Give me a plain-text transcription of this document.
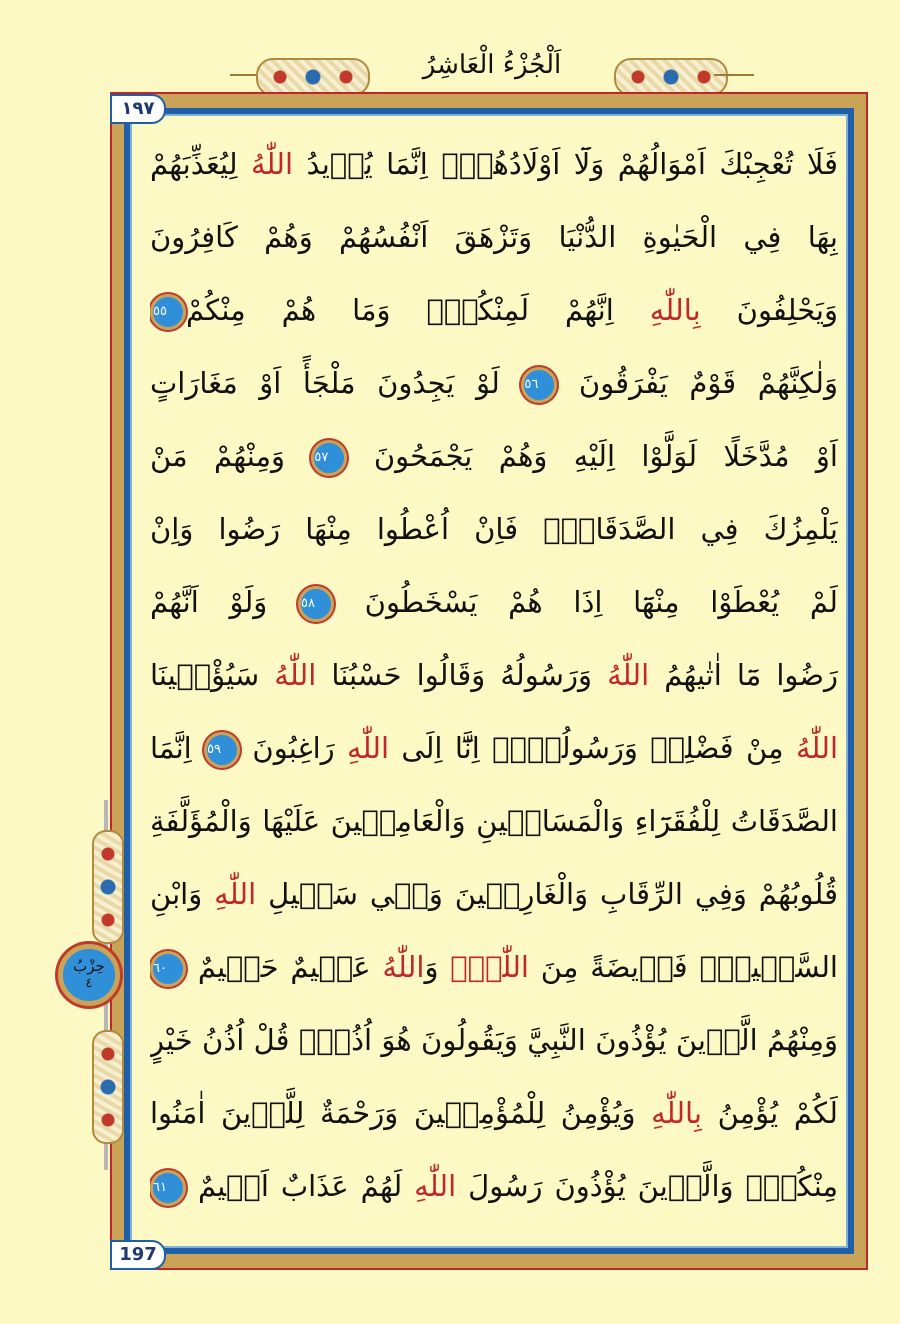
اَلْجُزْءُ الْعَاشِرُ
١٩٧
197
حِزْبُ
٤
فَلَا تُعْجِبْكَ اَمْوَالُهُمْ وَلَٓا اَوْلَادُهُمْۜ اِنَّمَا يُر۪يدُ اللّٰهُ لِيُعَذِّبَهُمْ
بِهَا فِي الْحَيٰوةِ الدُّنْيَا وَتَزْهَقَ اَنْفُسُهُمْ وَهُمْ كَافِرُونَ
وَيَحْلِفُونَ بِاللّٰهِ اِنَّهُمْ لَمِنْكُمْۜ وَمَا هُمْ مِنْكُمْ٥٥
وَلٰكِنَّهُمْ قَوْمٌ يَفْرَقُونَ ٥٦ لَوْ يَجِدُونَ مَلْجَأً اَوْ مَغَارَاتٍ
اَوْ مُدَّخَلًا لَوَلَّوْا اِلَيْهِ وَهُمْ يَجْمَحُونَ ٥٧ وَمِنْهُمْ مَنْ
يَلْمِزُكَ فِي الصَّدَقَاتِۚ فَاِنْ اُعْطُوا مِنْهَا رَضُوا وَاِنْ
لَمْ يُعْطَوْا مِنْهَٓا اِذَا هُمْ يَسْخَطُونَ ٥٨ وَلَوْ اَنَّهُمْ
رَضُوا مَٓا اٰتٰيهُمُ اللّٰهُ وَرَسُولُهُ وَقَالُوا حَسْبُنَا اللّٰهُ سَيُؤْت۪ينَا
اللّٰهُ مِنْ فَضْلِه۪ وَرَسُولُهُٓۙ اِنَّٓا اِلَى اللّٰهِ رَاغِبُونَ ٥٩ اِنَّمَا
الصَّدَقَاتُ لِلْفُقَرَٓاءِ وَالْمَسَاك۪ينِ وَالْعَامِل۪ينَ عَلَيْهَا وَالْمُؤَلَّفَةِ
قُلُوبُهُمْ وَفِي الرِّقَابِ وَالْغَارِم۪ينَ وَف۪ي سَب۪يلِ اللّٰهِ وَابْنِ
السَّب۪يلِۜ فَر۪يضَةً مِنَ اللّٰهِۜ وَاللّٰهُ عَل۪يمٌ حَك۪يمٌ ٦٠
وَمِنْهُمُ الَّذ۪ينَ يُؤْذُونَ النَّبِيَّ وَيَقُولُونَ هُوَ اُذُنٌۜ قُلْ اُذُنُ خَيْرٍ
لَكُمْ يُؤْمِنُ بِاللّٰهِ وَيُؤْمِنُ لِلْمُؤْمِن۪ينَ وَرَحْمَةٌ لِلَّذ۪ينَ اٰمَنُوا
مِنْكُمْۜ وَالَّذ۪ينَ يُؤْذُونَ رَسُولَ اللّٰهِ لَهُمْ عَذَابٌ اَل۪يمٌ ٦١
